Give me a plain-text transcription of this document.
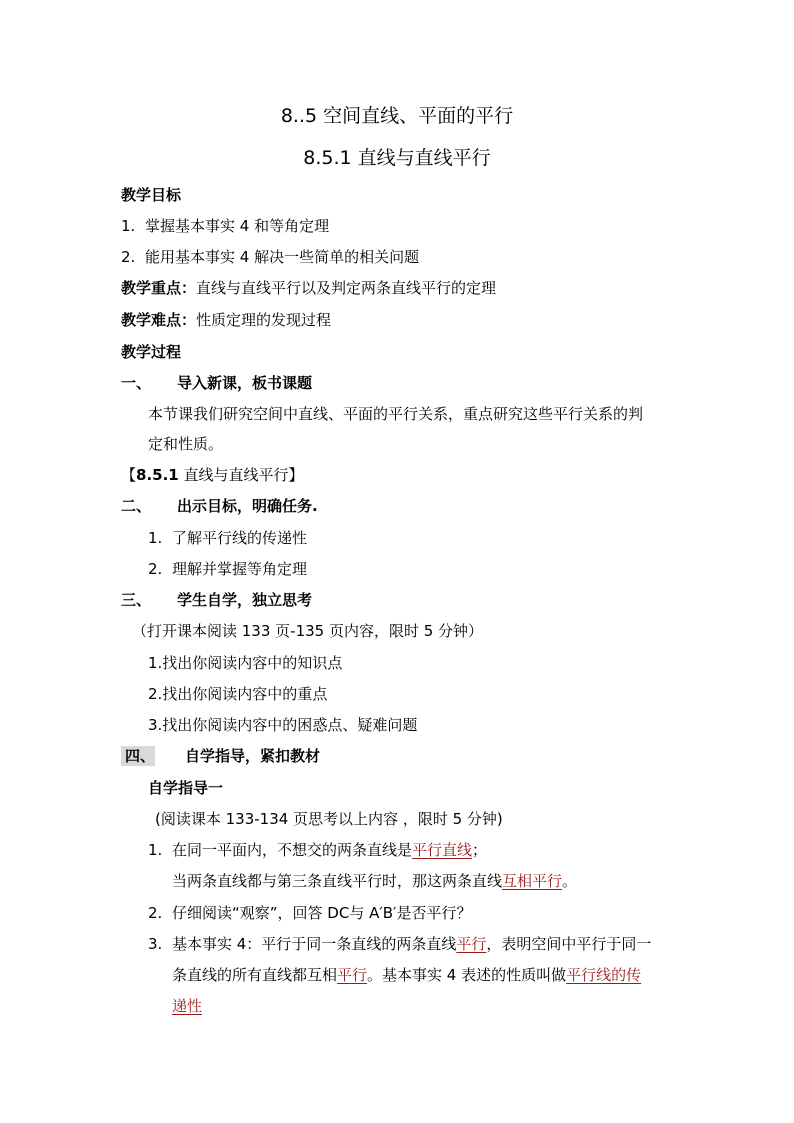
8..5 空间直线、平面的平行
8.5.1 直线与直线平行
教学目标
1. 掌握基本事实 4 和等角定理
2. 能用基本事实 4 解决一些简单的相关问题
教学重点：直线与直线平行以及判定两条直线平行的定理
教学难点：性质定理的发现过程
教学过程
一、 导入新课，板书课题
本节课我们研究空间中直线、平面的平行关系，重点研究这些平行关系的判
定和性质。
【8.5.1 直线与直线平行】
二、 出示目标，明确任务.
1. 了解平行线的传递性
2. 理解并掌握等角定理
三、 学生自学，独立思考
（打开课本阅读 133 页-135 页内容，限时 5 分钟）
1.找出你阅读内容中的知识点
2.找出你阅读内容中的重点
3.找出你阅读内容中的困惑点、疑难问题
四、 自学指导，紧扣教材
自学指导一
(阅读课本 133-134 页思考以上内容 ，限时 5 分钟)
1. 在同一平面内，不想交的两条直线是平行直线；
当两条直线都与第三条直线平行时，那这两条直线互相平行。
2. 仔细阅读“观察”，回答 DC与 A′B′是否平行？
3. 基本事实 4：平行于同一条直线的两条直线平行，表明空间中平行于同一
条直线的所有直线都互相平行。基本事实 4 表述的性质叫做平行线的传
递性
